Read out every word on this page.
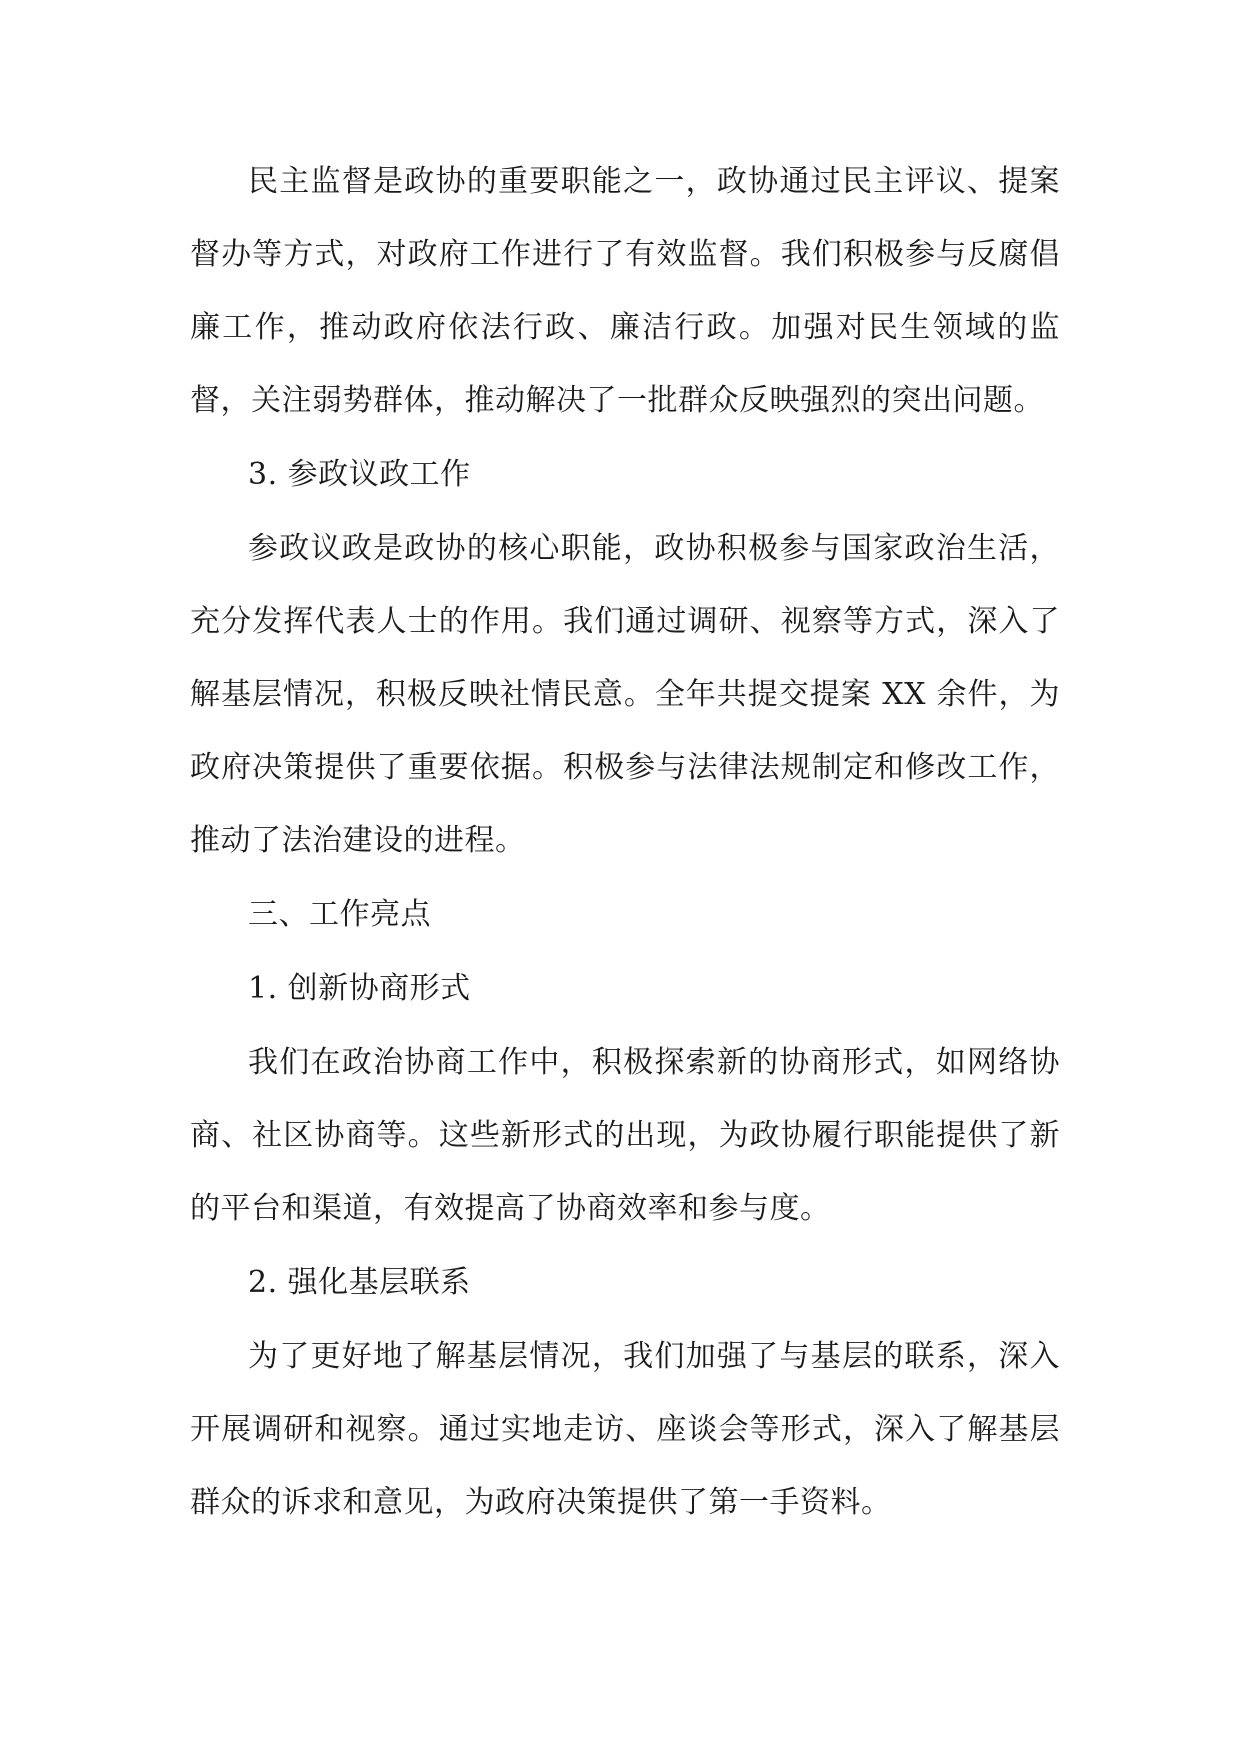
民主监督是政协的重要职能之一，政协通过民主评议、提案督办等方式，对政府工作进行了有效监督。我们积极参与反腐倡廉工作，推动政府依法行政、廉洁行政。加强对民生领域的监督，关注弱势群体，推动解决了一批群众反映强烈的突出问题。

3. 参政议政工作

参政议政是政协的核心职能，政协积极参与国家政治生活，充分发挥代表人士的作用。我们通过调研、视察等方式，深入了解基层情况，积极反映社情民意。全年共提交提案 XX 余件，为政府决策提供了重要依据。积极参与法律法规制定和修改工作，推动了法治建设的进程。

三、工作亮点

1. 创新协商形式

我们在政治协商工作中，积极探索新的协商形式，如网络协商、社区协商等。这些新形式的出现，为政协履行职能提供了新的平台和渠道，有效提高了协商效率和参与度。

2. 强化基层联系

为了更好地了解基层情况，我们加强了与基层的联系，深入开展调研和视察。通过实地走访、座谈会等形式，深入了解基层群众的诉求和意见，为政府决策提供了第一手资料。
